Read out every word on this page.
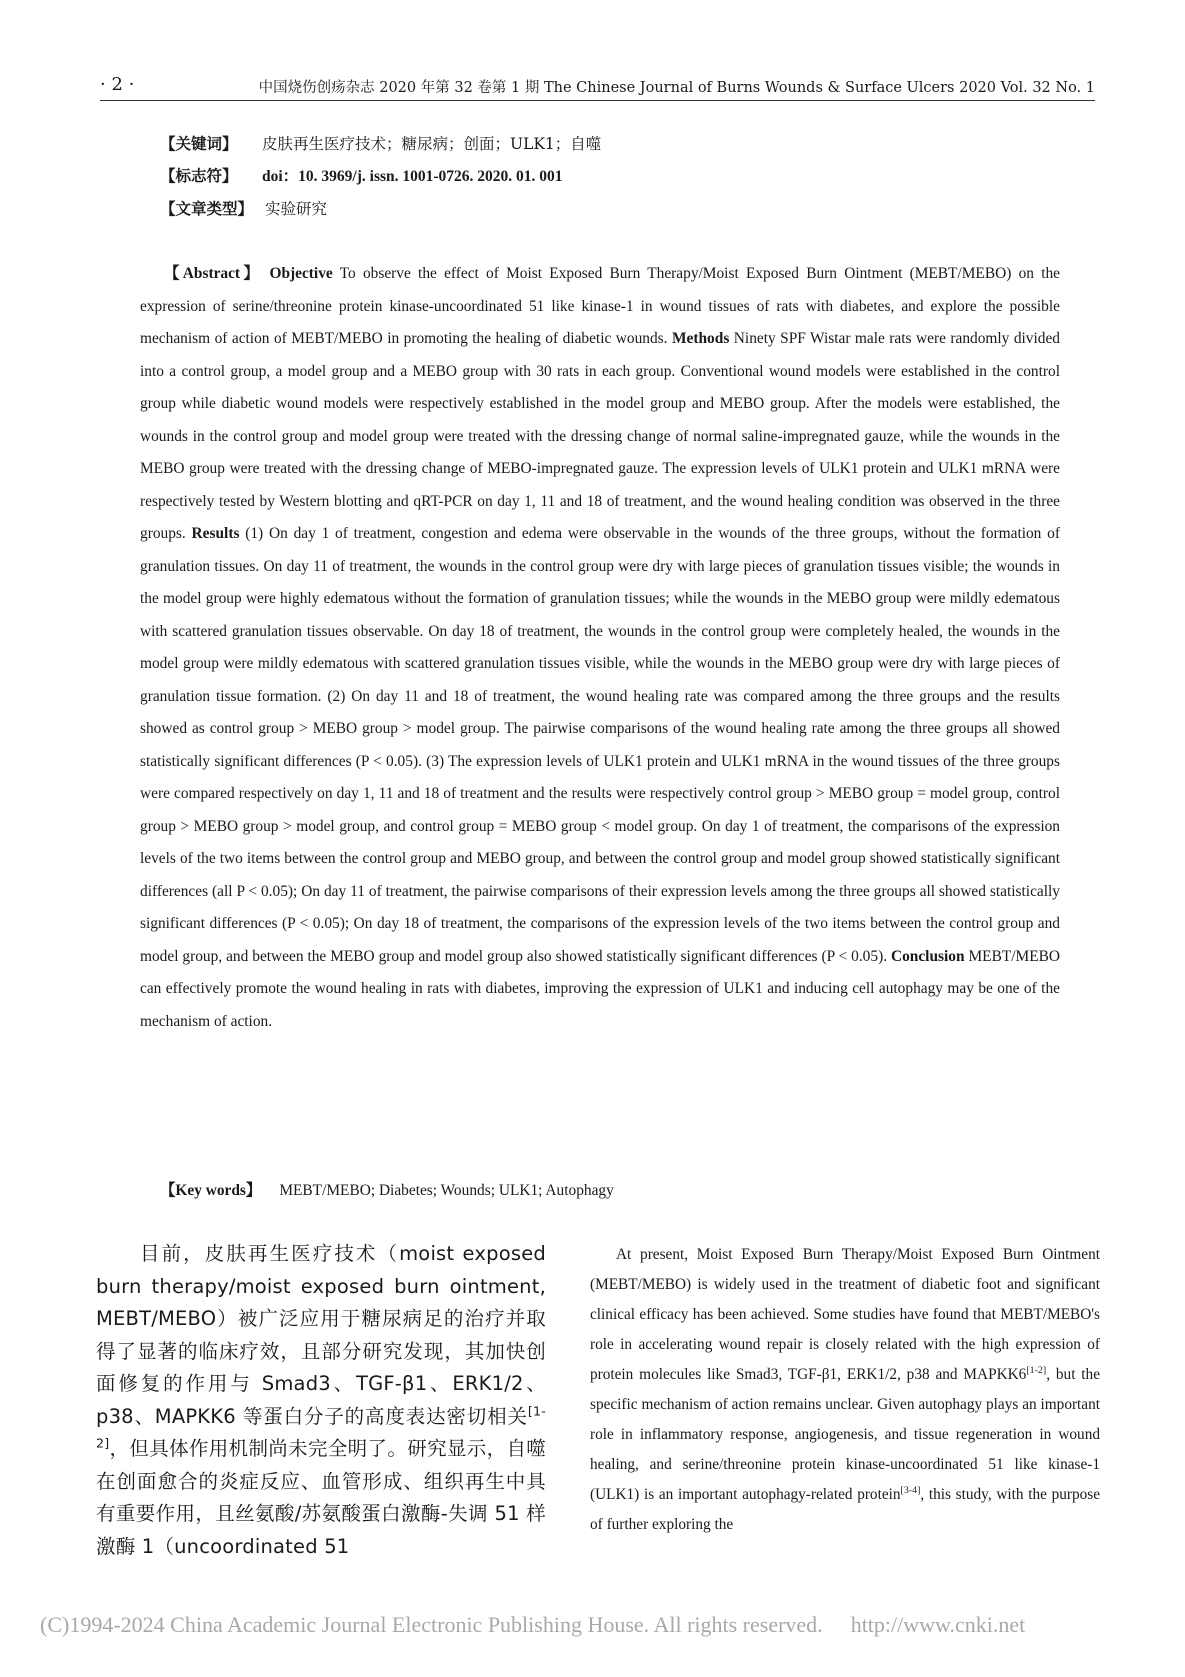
· 2 ·	中国烧伤创疡杂志 2020 年第 32 卷第 1 期 The Chinese Journal of Burns Wounds & Surface Ulcers 2020 Vol. 32 No. 1
【关键词】 皮肤再生医疗技术；糖尿病；创面；ULK1；自噬
【标志符】 doi：10. 3969/j. issn. 1001-0726. 2020. 01. 001
【文章类型】 实验研究
【Abstract】 Objective To observe the effect of Moist Exposed Burn Therapy/Moist Exposed Burn Ointment (MEBT/MEBO) on the expression of serine/threonine protein kinase-uncoordinated 51 like kinase-1 in wound tissues of rats with diabetes, and explore the possible mechanism of action of MEBT/MEBO in promoting the healing of diabetic wounds. Methods Ninety SPF Wistar male rats were randomly divided into a control group, a model group and a MEBO group with 30 rats in each group. Conventional wound models were established in the control group while diabetic wound models were respectively established in the model group and MEBO group. After the models were established, the wounds in the control group and model group were treated with the dressing change of normal saline-impregnated gauze, while the wounds in the MEBO group were treated with the dressing change of MEBO-impregnated gauze. The expression levels of ULK1 protein and ULK1 mRNA were respectively tested by Western blotting and qRT-PCR on day 1, 11 and 18 of treatment, and the wound healing condition was observed in the three groups. Results (1) On day 1 of treatment, congestion and edema were observable in the wounds of the three groups, without the formation of granulation tissues. On day 11 of treatment, the wounds in the control group were dry with large pieces of granulation tissues visible; the wounds in the model group were highly edematous without the formation of granulation tissues; while the wounds in the MEBO group were mildly edematous with scattered granulation tissues observable. On day 18 of treatment, the wounds in the control group were completely healed, the wounds in the model group were mildly edematous with scattered granulation tissues visible, while the wounds in the MEBO group were dry with large pieces of granulation tissue formation. (2) On day 11 and 18 of treatment, the wound healing rate was compared among the three groups and the results showed as control group > MEBO group > model group. The pairwise comparisons of the wound healing rate among the three groups all showed statistically significant differences (P < 0.05). (3) The expression levels of ULK1 protein and ULK1 mRNA in the wound tissues of the three groups were compared respectively on day 1, 11 and 18 of treatment and the results were respectively control group > MEBO group = model group, control group > MEBO group > model group, and control group = MEBO group < model group. On day 1 of treatment, the comparisons of the expression levels of the two items between the control group and MEBO group, and between the control group and model group showed statistically significant differences (all P < 0.05); On day 11 of treatment, the pairwise comparisons of their expression levels among the three groups all showed statistically significant differences (P < 0.05); On day 18 of treatment, the comparisons of the expression levels of the two items between the control group and model group, and between the MEBO group and model group also showed statistically significant differences (P < 0.05). Conclusion MEBT/MEBO can effectively promote the wound healing in rats with diabetes, improving the expression of ULK1 and inducing cell autophagy may be one of the mechanism of action.
【Key words】 MEBT/MEBO; Diabetes; Wounds; ULK1; Autophagy
目前，皮肤再生医疗技术（moist exposed burn therapy/moist exposed burn ointment, MEBT/MEBO）被广泛应用于糖尿病足的治疗并取得了显著的临床疗效，且部分研究发现，其加快创面修复的作用与 Smad3、TGF-β1、ERK1/2、p38、MAPKK6 等蛋白分子的高度表达密切相关[1-2]，但具体作用机制尚未完全明了。研究显示，自噬在创面愈合的炎症反应、血管形成、组织再生中具有重要作用，且丝氨酸/苏氨酸蛋白激酶-失调 51 样激酶 1（uncoordinated 51
At present, Moist Exposed Burn Therapy/Moist Exposed Burn Ointment (MEBT/MEBO) is widely used in the treatment of diabetic foot and significant clinical efficacy has been achieved. Some studies have found that MEBT/MEBO's role in accelerating wound repair is closely related with the high expression of protein molecules like Smad3, TGF-β1, ERK1/2, p38 and MAPKK6[1-2], but the specific mechanism of action remains unclear. Given autophagy plays an important role in inflammatory response, angiogenesis, and tissue regeneration in wound healing, and serine/threonine protein kinase-uncoordinated 51 like kinase-1 (ULK1) is an important autophagy-related protein[3-4], this study, with the purpose of further exploring the
(C)1994-2024 China Academic Journal Electronic Publishing House. All rights reserved. http://www.cnki.net
